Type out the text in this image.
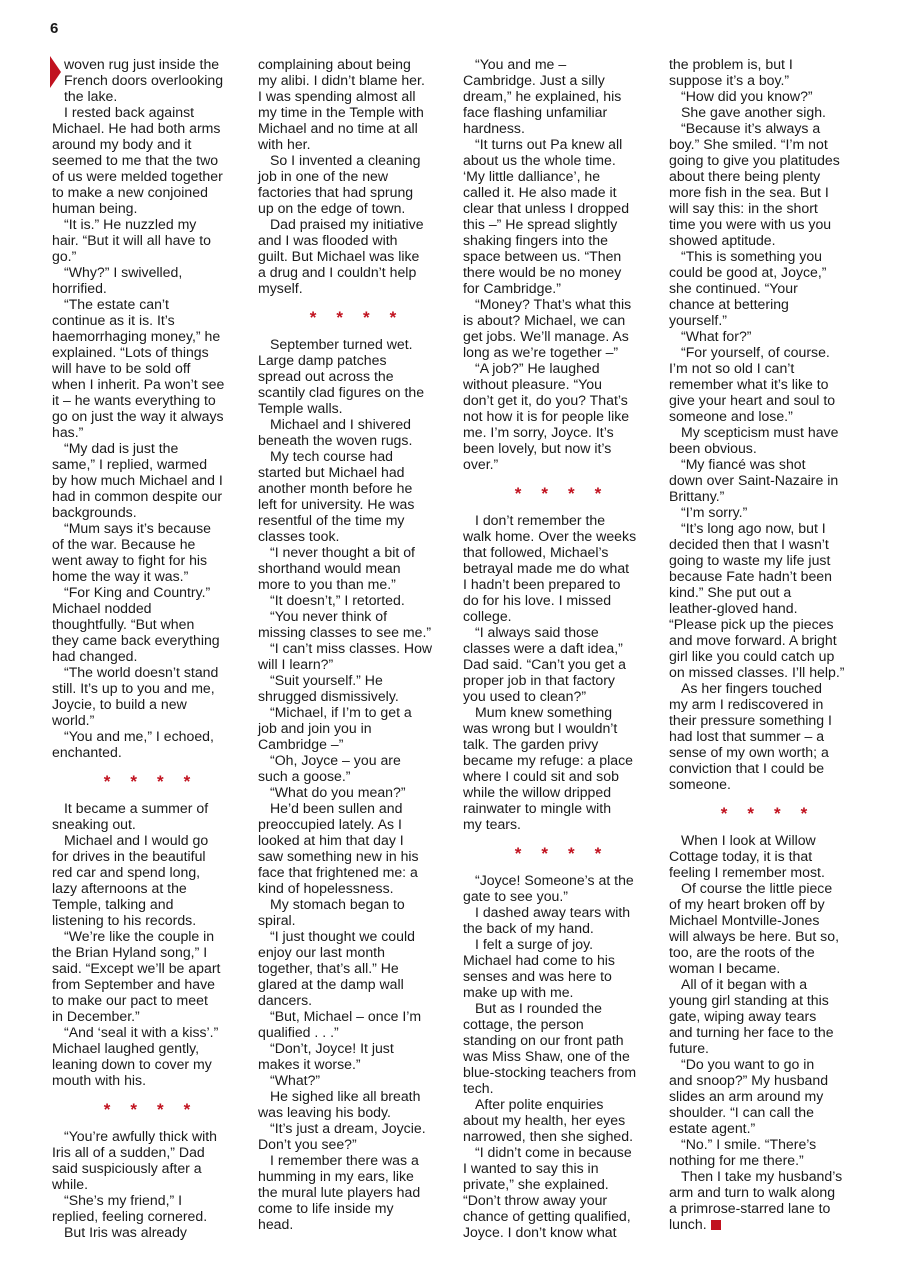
6

woven rug just inside the
French doors overlooking
the lake.

I rested back against
Michael. He had both arms
around my body and it
seemed to me that the two
of us were melded together
to make a new conjoined
human being.

“It is.” He nuzzled my
hair. “But it will all have to
go.”

“Why?” I swivelled,
horrified.

“The estate can’t
continue as it is. It’s
haemorrhaging money,” he
explained. “Lots of things
will have to be sold off
when I inherit. Pa won’t see
it – he wants everything to
go on just the way it always
has.”

“My dad is just the
same,” I replied, warmed
by how much Michael and I
had in common despite our
backgrounds.

“Mum says it’s because
of the war. Because he
went away to fight for his
home the way it was.”

“For King and Country.”
Michael nodded
thoughtfully. “But when
they came back everything
had changed.

“The world doesn’t stand
still. It’s up to you and me,
Joycie, to build a new
world.”

“You and me,” I echoed,
enchanted.

* * * *

It became a summer of
sneaking out.

Michael and I would go
for drives in the beautiful
red car and spend long,
lazy afternoons at the
Temple, talking and
listening to his records.

“We’re like the couple in
the Brian Hyland song,” I
said. “Except we’ll be apart
from September and have
to make our pact to meet
in December.”

“And ‘seal it with a kiss’.”
Michael laughed gently,
leaning down to cover my
mouth with his.

* * * *

“You’re awfully thick with
Iris all of a sudden,” Dad
said suspiciously after a
while.

“She’s my friend,” I
replied, feeling cornered.

But Iris was already

complaining about being
my alibi. I didn’t blame her.
I was spending almost all
my time in the Temple with
Michael and no time at all
with her.

So I invented a cleaning
job in one of the new
factories that had sprung
up on the edge of town.

Dad praised my initiative
and I was flooded with
guilt. But Michael was like
a drug and I couldn’t help
myself.

* * * *

September turned wet.
Large damp patches
spread out across the
scantily clad figures on the
Temple walls.

Michael and I shivered
beneath the woven rugs.

My tech course had
started but Michael had
another month before he
left for university. He was
resentful of the time my
classes took.

“I never thought a bit of
shorthand would mean
more to you than me.”

“It doesn’t,” I retorted.

“You never think of
missing classes to see me.”

“I can’t miss classes. How
will I learn?”

“Suit yourself.” He
shrugged dismissively.

“Michael, if I’m to get a
job and join you in
Cambridge –”

“Oh, Joyce – you are
such a goose.”

“What do you mean?”

He’d been sullen and
preoccupied lately. As I
looked at him that day I
saw something new in his
face that frightened me: a
kind of hopelessness.

My stomach began to
spiral.

“I just thought we could
enjoy our last month
together, that’s all.” He
glared at the damp wall
dancers.

“But, Michael – once I’m
qualified . . .”

“Don’t, Joyce! It just
makes it worse.”

“What?”

He sighed like all breath
was leaving his body.

“It’s just a dream, Joycie.
Don’t you see?”

I remember there was a
humming in my ears, like
the mural lute players had
come to life inside my
head.

“You and me –
Cambridge. Just a silly
dream,” he explained, his
face flashing unfamiliar
hardness.

“It turns out Pa knew all
about us the whole time.
‘My little dalliance’, he
called it. He also made it
clear that unless I dropped
this –” He spread slightly
shaking fingers into the
space between us. “Then
there would be no money
for Cambridge.”

“Money? That’s what this
is about? Michael, we can
get jobs. We’ll manage. As
long as we’re together –”

“A job?” He laughed
without pleasure. “You
don’t get it, do you? That’s
not how it is for people like
me. I’m sorry, Joyce. It’s
been lovely, but now it’s
over.”

* * * *

I don’t remember the
walk home. Over the weeks
that followed, Michael’s
betrayal made me do what
I hadn’t been prepared to
do for his love. I missed
college.

“I always said those
classes were a daft idea,”
Dad said. “Can’t you get a
proper job in that factory
you used to clean?”

Mum knew something
was wrong but I wouldn’t
talk. The garden privy
became my refuge: a place
where I could sit and sob
while the willow dripped
rainwater to mingle with
my tears.

* * * *

“Joyce! Someone’s at the
gate to see you.”

I dashed away tears with
the back of my hand.

I felt a surge of joy.
Michael had come to his
senses and was here to
make up with me.

But as I rounded the
cottage, the person
standing on our front path
was Miss Shaw, one of the
blue-stocking teachers from
tech.

After polite enquiries
about my health, her eyes
narrowed, then she sighed.

“I didn’t come in because
I wanted to say this in
private,” she explained.
“Don’t throw away your
chance of getting qualified,
Joyce. I don’t know what

the problem is, but I
suppose it’s a boy.”

“How did you know?”

She gave another sigh.

“Because it’s always a
boy.” She smiled. “I’m not
going to give you platitudes
about there being plenty
more fish in the sea. But I
will say this: in the short
time you were with us you
showed aptitude.

“This is something you
could be good at, Joyce,”
she continued. “Your
chance at bettering
yourself.”

“What for?”

“For yourself, of course.
I’m not so old I can’t
remember what it’s like to
give your heart and soul to
someone and lose.”

My scepticism must have
been obvious.

“My fiancé was shot
down over Saint-Nazaire in
Brittany.”

“I’m sorry.”

“It’s long ago now, but I
decided then that I wasn’t
going to waste my life just
because Fate hadn’t been
kind.” She put out a
leather-gloved hand.
“Please pick up the pieces
and move forward. A bright
girl like you could catch up
on missed classes. I’ll help.”

As her fingers touched
my arm I rediscovered in
their pressure something I
had lost that summer – a
sense of my own worth; a
conviction that I could be
someone.

* * * *

When I look at Willow
Cottage today, it is that
feeling I remember most.

Of course the little piece
of my heart broken off by
Michael Montville-Jones
will always be here. But so,
too, are the roots of the
woman I became.

All of it began with a
young girl standing at this
gate, wiping away tears
and turning her face to the
future.

“Do you want to go in
and snoop?” My husband
slides an arm around my
shoulder. “I can call the
estate agent.”

“No.” I smile. “There’s
nothing for me there.”

Then I take my husband’s
arm and turn to walk along
a primrose-starred lane to
lunch.
